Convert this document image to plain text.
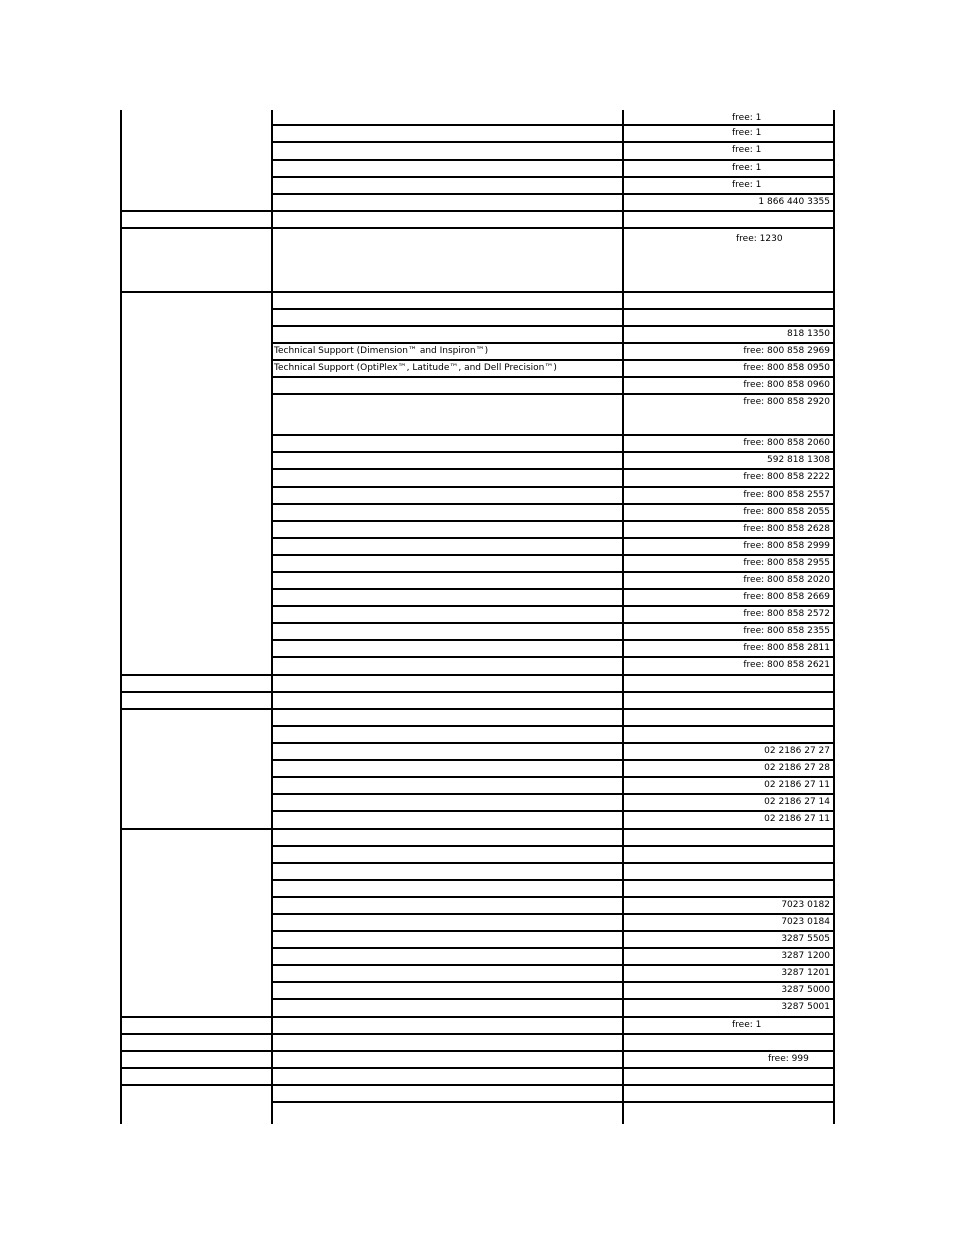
free: 1
free: 1
free: 1
free: 1
free: 1
1 866 440 3355
free: 1230
818 1350
Technical Support (Dimension™ and Inspiron™)	free: 800 858 2969
Technical Support (OptiPlex™, Latitude™, and Dell Precision™)	free: 800 858 0950
free: 800 858 0960
free: 800 858 2920
free: 800 858 2060
592 818 1308
free: 800 858 2222
free: 800 858 2557
free: 800 858 2055
free: 800 858 2628
free: 800 858 2999
free: 800 858 2955
free: 800 858 2020
free: 800 858 2669
free: 800 858 2572
free: 800 858 2355
free: 800 858 2811
free: 800 858 2621
02 2186 27 27
02 2186 27 28
02 2186 27 11
02 2186 27 14
02 2186 27 11
7023 0182
7023 0184
3287 5505
3287 1200
3287 1201
3287 5000
3287 5001
free: 1
free: 999
